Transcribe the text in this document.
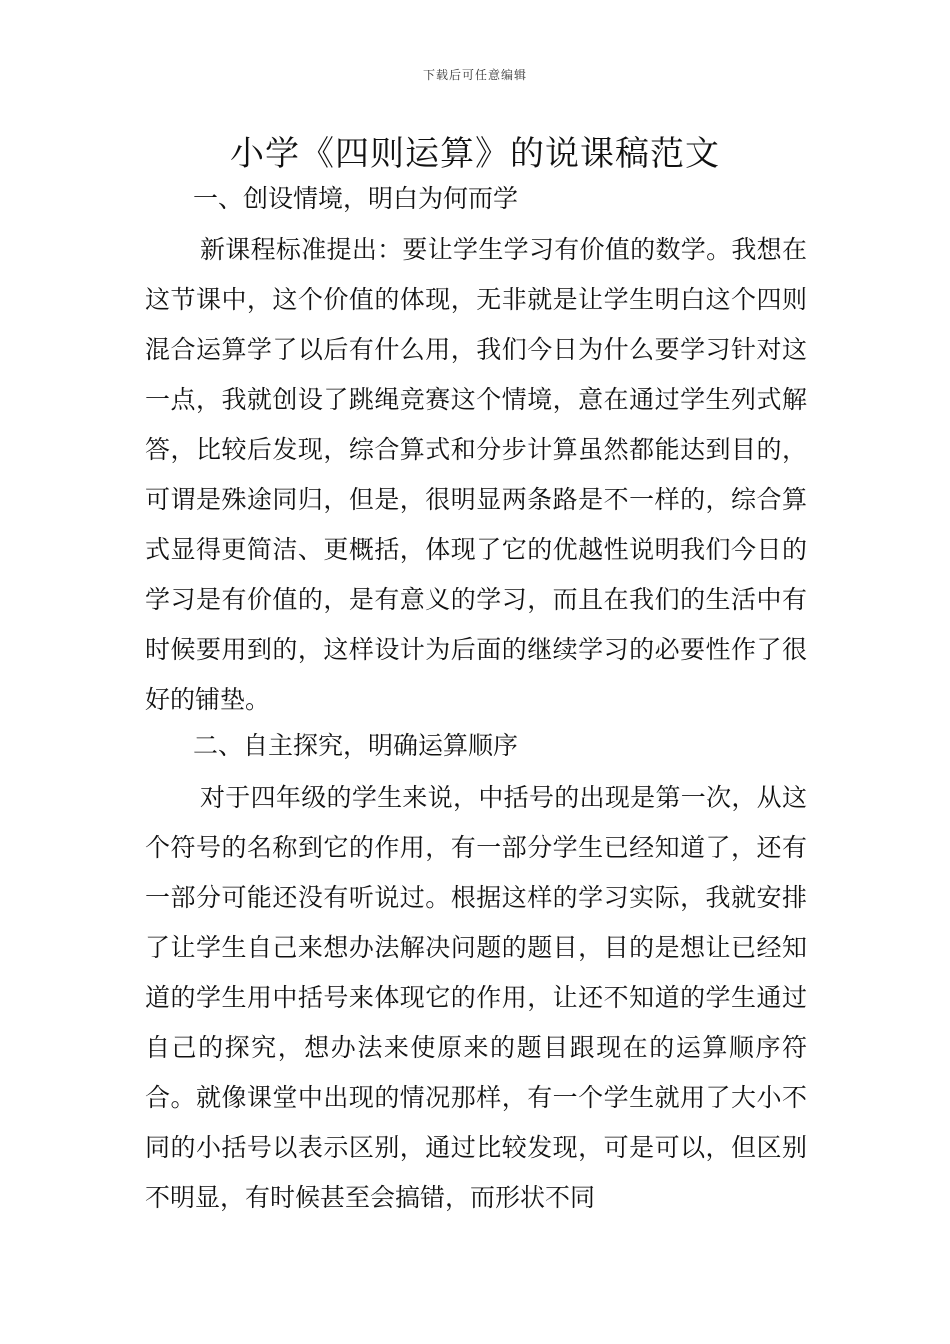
下载后可任意编辑
小学《四则运算》的说课稿范文
一、创设情境，明白为何而学

新课程标准提出：要让学生学习有价值的数学。我想在这节课中，这个价值的体现，无非就是让学生明白这个四则混合运算学了以后有什么用，我们今日为什么要学习针对这一点，我就创设了跳绳竞赛这个情境，意在通过学生列式解答，比较后发现，综合算式和分步计算虽然都能达到目的，可谓是殊途同归，但是，很明显两条路是不一样的，综合算式显得更简洁、更概括，体现了它的优越性说明我们今日的学习是有价值的，是有意义的学习，而且在我们的生活中有时候要用到的，这样设计为后面的继续学习的必要性作了很好的铺垫。

二、自主探究，明确运算顺序

对于四年级的学生来说，中括号的出现是第一次，从这个符号的名称到它的作用，有一部分学生已经知道了，还有一部分可能还没有听说过。根据这样的学习实际，我就安排了让学生自己来想办法解决问题的题目，目的是想让已经知道的学生用中括号来体现它的作用，让还不知道的学生通过自己的探究，想办法来使原来的题目跟现在的运算顺序符合。就像课堂中出现的情况那样，有一个学生就用了大小不同的小括号以表示区别，通过比较发现，可是可以，但区别不明显，有时候甚至会搞错，而形状不同
